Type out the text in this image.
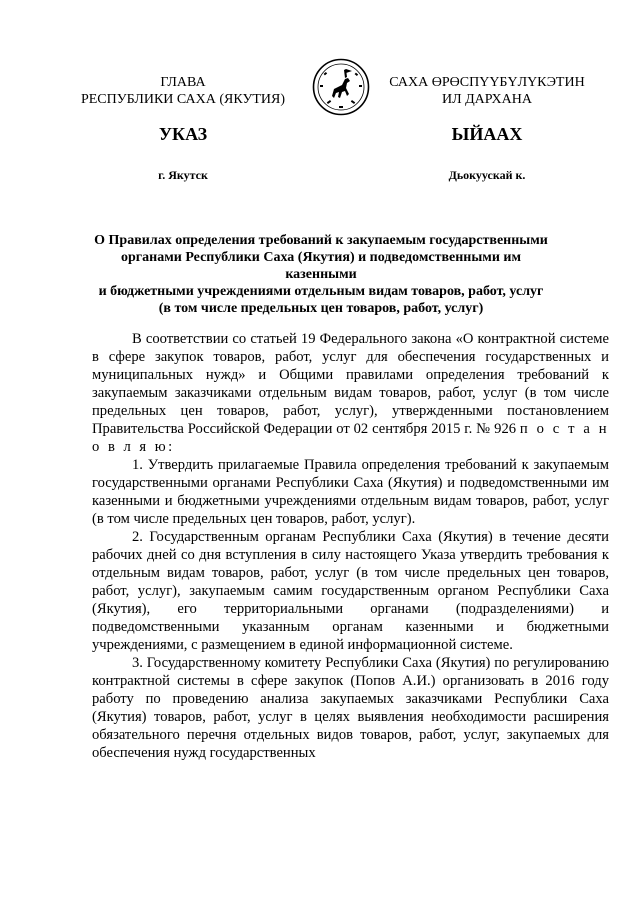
ГЛАВА
РЕСПУБЛИКИ САХА (ЯКУТИЯ)
САХА ӨРӨСПҮҮБҮЛҮКЭТИН
ИЛ ДАРХАНА
УКАЗ	ЫЙААХ
г. Якутск	Дьокуускай к.
О Правилах определения требований к закупаемым государственными
органами Республики Саха (Якутия) и подведомственными им казенными
и бюджетными учреждениями отдельным видам товаров, работ, услуг
(в том числе предельных цен товаров, работ, услуг)

В соответствии со статьей 19 Федерального закона «О контрактной системе в сфере закупок товаров, работ, услуг для обеспечения государственных и муниципальных нужд» и Общими правилами определения требований к закупаемым заказчиками отдельным видам товаров, работ, услуг (в том числе предельных цен товаров, работ, услуг), утвержденными постановлением Правительства Российской Федерации от 02 сентября 2015 г. № 926 п о с т а н о в л я ю:

1. Утвердить прилагаемые Правила определения требований к закупаемым государственными органами Республики Саха (Якутия) и подведомственными им казенными и бюджетными учреждениями отдельным видам товаров, работ, услуг (в том числе предельных цен товаров, работ, услуг).

2. Государственным органам Республики Саха (Якутия) в течение десяти рабочих дней со дня вступления в силу настоящего Указа утвердить требования к отдельным видам товаров, работ, услуг (в том числе предельных цен товаров, работ, услуг), закупаемым самим государственным органом Республики Саха (Якутия), его территориальными органами (подразделениями) и подведомственными указанным органам казенными и бюджетными учреждениями, с размещением в единой информационной системе.

3. Государственному комитету Республики Саха (Якутия) по регулированию контрактной системы в сфере закупок (Попов А.И.) организовать в 2016 году работу по проведению анализа закупаемых заказчиками Республики Саха (Якутия) товаров, работ, услуг в целях выявления необходимости расширения обязательного перечня отдельных видов товаров, работ, услуг, закупаемых для обеспечения нужд государственных
